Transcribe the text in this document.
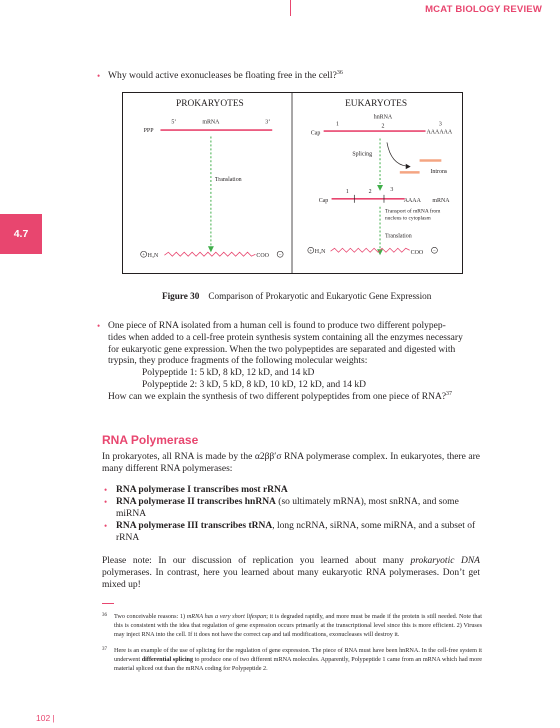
MCAT BIOLOGY REVIEW
4.7
• Why would active exonucleases be floating free in the cell?$^{36}$
PROKARYOTES
5’	mRNA	3’
PPP
Translation
+ H₃N	COO −
EUKARYOTES
hnRNA
1	2	3
Cap	AAAAAA
Splicing
Introns
1	2	3
Cap	AAAA mRNA
Transport of mRNA from
nucleus to cytoplasm
Translation
+ H₃N	COO −
Figure 30 Comparison of Prokaryotic and Eukaryotic Gene Expression
• One piece of RNA isolated from a human cell is found to produce two different polypep-
tides when added to a cell-free protein synthesis system containing all the enzymes necessary
for eukaryotic gene expression. When the two polypeptides are separated and digested with
trypsin, they produce fragments of the following molecular weights:
Polypeptide 1: 5 kD, 8 kD, 12 kD, and 14 kD
Polypeptide 2: 3 kD, 5 kD, 8 kD, 10 kD, 12 kD, and 14 kD
How can we explain the synthesis of two different polypeptides from one piece of RNA?$^{37}$
RNA Polymerase
In prokaryotes, all RNA is made by the α2ββ′σ RNA polymerase complex. In eukaryotes, there are many different RNA polymerases:
• RNA polymerase I transcribes most rRNA
• RNA polymerase II transcribes hnRNA (so ultimately mRNA), most snRNA, and some miRNA
• RNA polymerase III transcribes tRNA, long ncRNA, siRNA, some miRNA, and a subset of rRNA
Please note: In our discussion of replication you learned about many prokaryotic DNA polymerases. In contrast, here you learned about many eukaryotic RNA polymerases. Don’t get mixed up!
36	Two conceivable reasons: 1) mRNA has a very short lifespan; it is degraded rapidly, and more must be made if the protein is still needed. Note that this is consistent with the idea that regulation of gene expression occurs primarily at the transcriptional level since this is more efficient. 2) Viruses may inject RNA into the cell. If it does not have the correct cap and tail modifications, exonucleases will destroy it.
37	Here is an example of the use of splicing for the regulation of gene expression. The piece of RNA must have been hnRNA. In the cell-free system it underwent differential splicing to produce one of two different mRNA molecules. Apparently, Polypeptide 1 came from an mRNA which had more material spliced out than the mRNA coding for Polypeptide 2.
102 |
